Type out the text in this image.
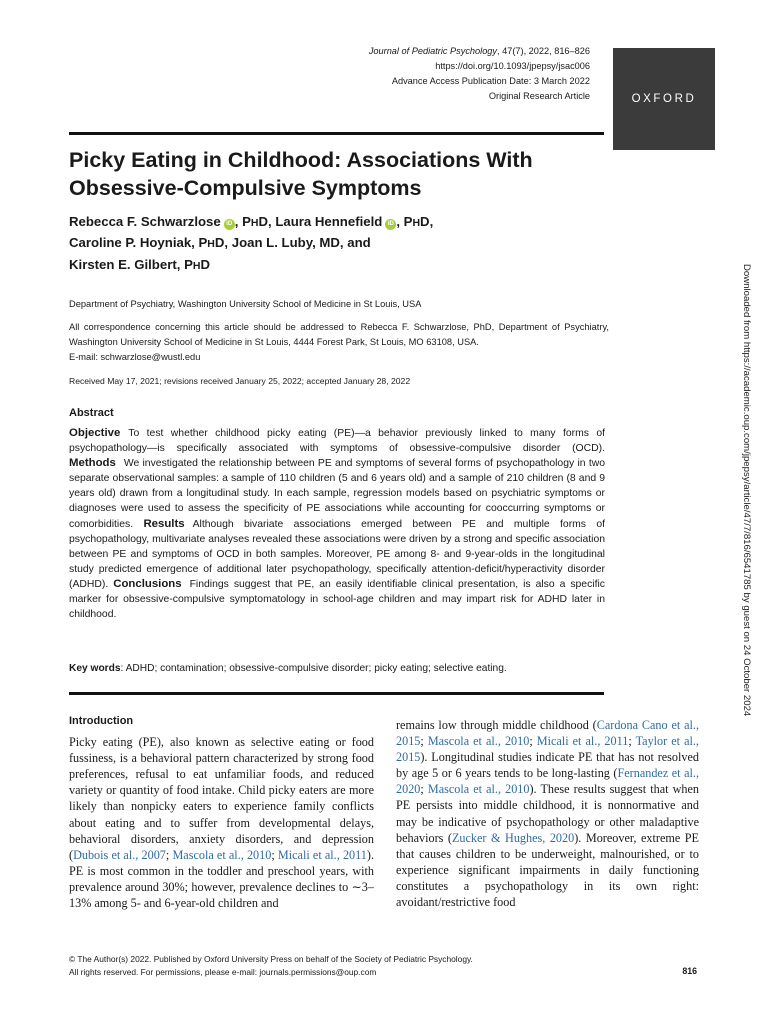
Journal of Pediatric Psychology, 47(7), 2022, 816–826
https://doi.org/10.1093/jpepsy/jsac006
Advance Access Publication Date: 3 March 2022
Original Research Article	OXFORD
Picky Eating in Childhood: Associations With Obsessive-Compulsive Symptoms
Rebecca F. Schwarzlose iD , PHD, Laura Hennefield iD , PHD,
Caroline P. Hoyniak, PHD, Joan L. Luby, MD, and
Kirsten E. Gilbert, PHD
Department of Psychiatry, Washington University School of Medicine in St Louis, USA
All correspondence concerning this article should be addressed to Rebecca F. Schwarzlose, PhD, Department of Psychiatry, Washington University School of Medicine in St Louis, 4444 Forest Park, St Louis, MO 63108, USA.
E-mail: schwarzlose@wustl.edu
Received May 17, 2021; revisions received January 25, 2022; accepted January 28, 2022
Abstract
Objective To test whether childhood picky eating (PE)—a behavior previously linked to many forms of psychopathology—is specifically associated with symptoms of obsessive-compulsive disorder (OCD). Methods We investigated the relationship between PE and symptoms of several forms of psychopathology in two separate observational samples: a sample of 110 children (5 and 6 years old) and a sample of 210 children (8 and 9 years old) drawn from a longitudinal study. In each sample, regression models based on psychiatric symptoms or diagnoses were used to assess the specificity of PE associations while accounting for cooccurring symptoms or comorbidities. Results Although bivariate associations emerged between PE and multiple forms of psychopathology, multivariate analyses revealed these associations were driven by a strong and specific association between PE and symptoms of OCD in both samples. Moreover, PE among 8- and 9-year-olds in the longitudinal study predicted emergence of additional later psychopathology, specifically attention-deficit/hyperactivity disorder (ADHD). Conclusions Findings suggest that PE, an easily identifiable clinical presentation, is also a specific marker for obsessive-compulsive symptomatology in school-age children and may impart risk for ADHD later in childhood.
Key words: ADHD; contamination; obsessive-compulsive disorder; picky eating; selective eating.
Introduction
Picky eating (PE), also known as selective eating or food fussiness, is a behavioral pattern characterized by strong food preferences, refusal to eat unfamiliar foods, and reduced variety or quantity of food intake. Child picky eaters are more likely than nonpicky eaters to experience family conflicts about eating and to suffer from developmental delays, behavioral disorders, anxiety disorders, and depression (Dubois et al., 2007; Mascola et al., 2010; Micali et al., 2011). PE is most common in the toddler and preschool years, with prevalence around 30%; however, prevalence declines to ∼3–13% among 5- and 6-year-old children and
remains low through middle childhood (Cardona Cano et al., 2015; Mascola et al., 2010; Micali et al., 2011; Taylor et al., 2015). Longitudinal studies indicate PE that has not resolved by age 5 or 6 years tends to be long-lasting (Fernandez et al., 2020; Mascola et al., 2010). These results suggest that when PE persists into middle childhood, it is nonnormative and may be indicative of psychopathology or other maladaptive behaviors (Zucker & Hughes, 2020). Moreover, extreme PE that causes children to be underweight, malnourished, or to experience significant impairments in daily functioning constitutes a psychopathology in its own right: avoidant/restrictive food
© The Author(s) 2022. Published by Oxford University Press on behalf of the Society of Pediatric Psychology.
All rights reserved. For permissions, please e-mail: journals.permissions@oup.com	816
Downloaded from https://academic.oup.com/jpepsy/article/47/7/816/6541785 by guest on 24 October 2024
